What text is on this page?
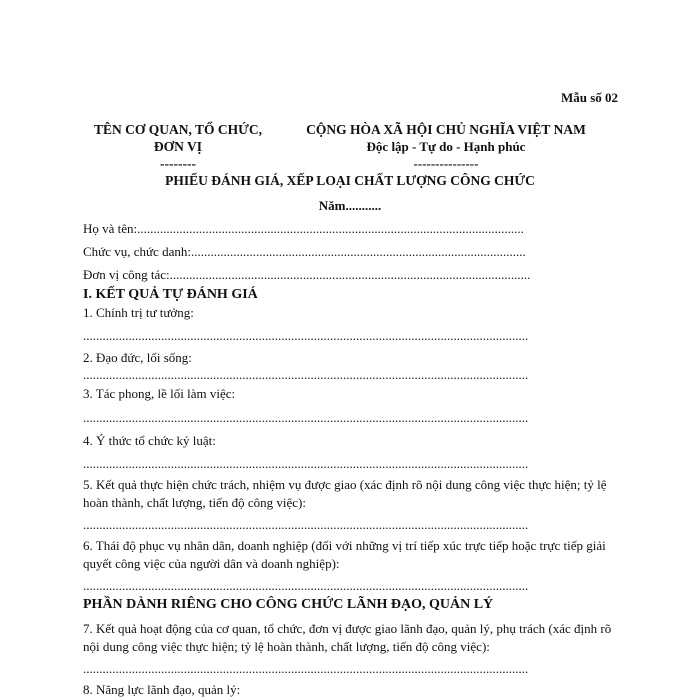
Mẫu số 02
TÊN CƠ QUAN, TỔ CHỨC,
ĐƠN VỊ
--------
CỘNG HÒA XÃ HỘI CHỦ NGHĨA VIỆT NAM
Độc lập - Tự do - Hạnh phúc
---------------
PHIẾU ĐÁNH GIÁ, XẾP LOẠI CHẤT LƯỢNG CÔNG CHỨC
Năm...........
Họ và tên:.......................................................................................................................
Chức vụ, chức danh:.......................................................................................................
Đơn vị công tác:...............................................................................................................
I. KẾT QUẢ TỰ ĐÁNH GIÁ
1. Chính trị tư tưởng:
.........................................................................................................................................
2. Đạo đức, lối sống:
.........................................................................................................................................
3. Tác phong, lề lối làm việc:
.........................................................................................................................................
4. Ý thức tổ chức kỷ luật:
.........................................................................................................................................
5. Kết quả thực hiện chức trách, nhiệm vụ được giao (xác định rõ nội dung công việc thực hiện; tỷ lệ hoàn thành, chất lượng, tiến độ công việc):
.........................................................................................................................................
6. Thái độ phục vụ nhân dân, doanh nghiệp (đối với những vị trí tiếp xúc trực tiếp hoặc trực tiếp giải quyết công việc của người dân và doanh nghiệp):
.........................................................................................................................................
PHẦN DÀNH RIÊNG CHO CÔNG CHỨC LÃNH ĐẠO, QUẢN LÝ
7. Kết quả hoạt động của cơ quan, tổ chức, đơn vị được giao lãnh đạo, quản lý, phụ trách (xác định rõ nội dung công việc thực hiện; tỷ lệ hoàn thành, chất lượng, tiến độ công việc):
.........................................................................................................................................
8. Năng lực lãnh đạo, quản lý:
